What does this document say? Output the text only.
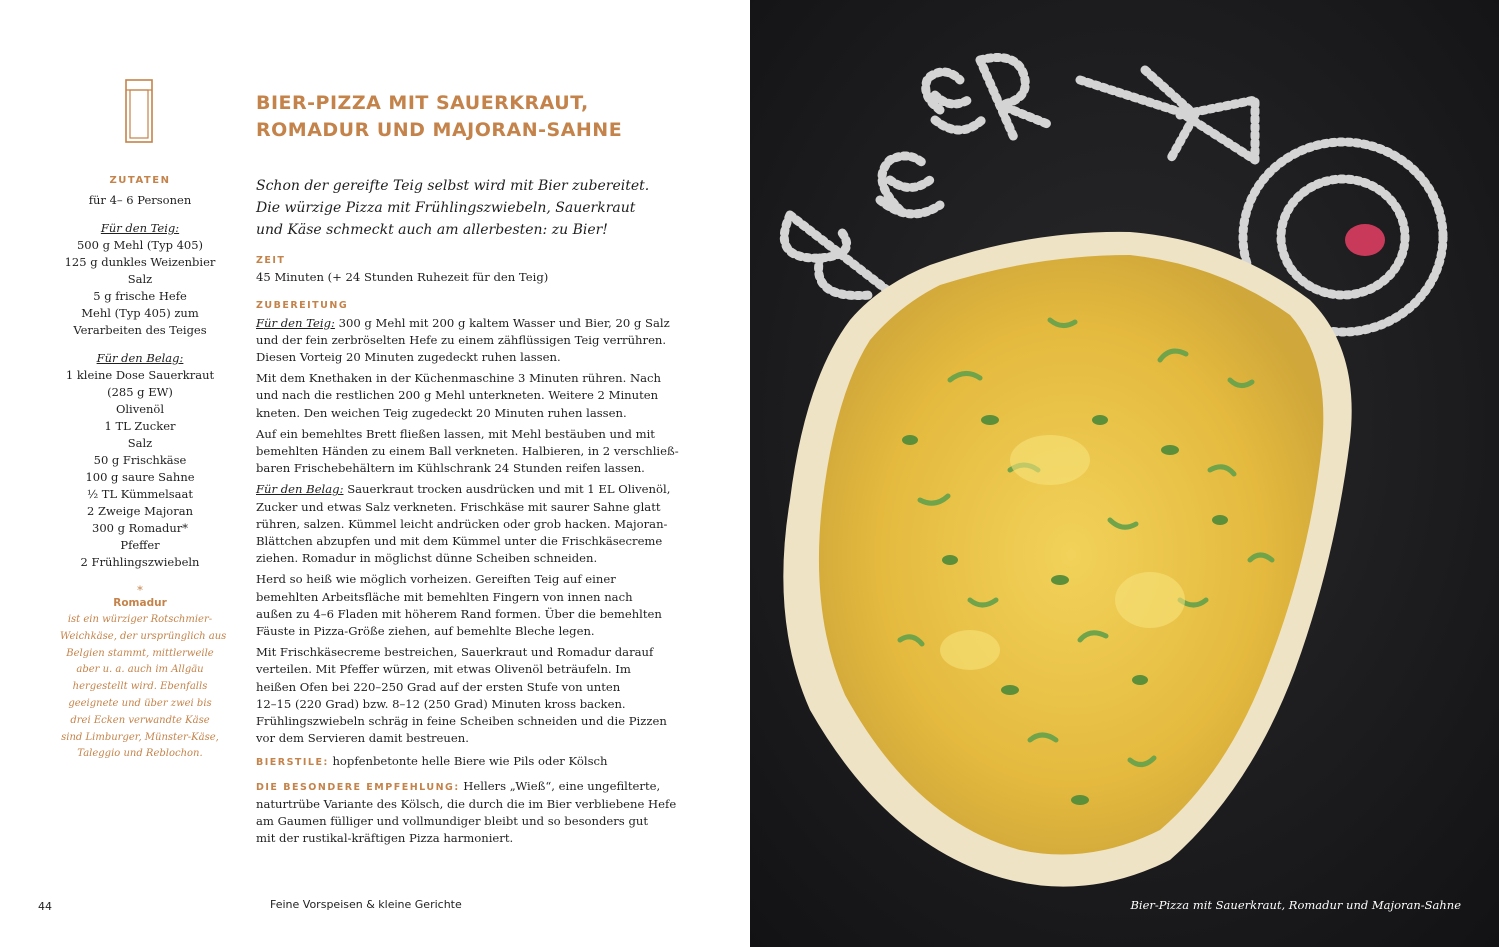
ZUTATEN
für 4– 6 Personen
Für den Teig:
500 g Mehl (Typ 405)
125 g dunkles Weizenbier
Salz
5 g frische Hefe
Mehl (Typ 405) zum
Verarbeiten des Teiges
Für den Belag:
1 kleine Dose Sauerkraut
(285 g EW)
Olivenöl
1 TL Zucker
Salz
50 g Frischkäse
100 g saure Sahne
½ TL Kümmelsaat
2 Zweige Majoran
300 g Romadur*
Pfeffer
2 Frühlingszwiebeln
*
Romadur
ist ein würziger Rotschmier-
Weichkäse, der ursprünglich aus
Belgien stammt, mittlerweile
aber u. a. auch im Allgäu
hergestellt wird. Ebenfalls
geeignete und über zwei bis
drei Ecken verwandte Käse
sind Limburger, Münster-Käse,
Taleggio und Reblochon.
BIER-PIZZA MIT SAUERKRAUT,
ROMADUR UND MAJORAN-SAHNE
Schon der gereifte Teig selbst wird mit Bier zubereitet.
Die würzige Pizza mit Frühlingszwiebeln, Sauerkraut
und Käse schmeckt auch am allerbesten: zu Bier!
ZEIT
45 Minuten (+ 24 Stunden Ruhezeit für den Teig)
ZUBEREITUNG

Für den Teig: 300 g Mehl mit 200 g kaltem Wasser und Bier, 20 g Salz
und der fein zerbröselten Hefe zu einem zähflüssigen Teig verrühren.
Diesen Vorteig 20 Minuten zugedeckt ruhen lassen.

Mit dem Knethaken in der Küchenmaschine 3 Minuten rühren. Nach
und nach die restlichen 200 g Mehl unterkneten. Weitere 2 Minuten
kneten. Den weichen Teig zugedeckt 20 Minuten ruhen lassen.

Auf ein bemehltes Brett fließen lassen, mit Mehl bestäuben und mit
bemehlten Händen zu einem Ball verkneten. Halbieren, in 2 verschließ-
baren Frischebehältern im Kühlschrank 24 Stunden reifen lassen.

Für den Belag: Sauerkraut trocken ausdrücken und mit 1 EL Olivenöl,
Zucker und etwas Salz verkneten. Frischkäse mit saurer Sahne glatt
rühren, salzen. Kümmel leicht andrücken oder grob hacken. Majoran-
Blättchen abzupfen und mit dem Kümmel unter die Frischkäsecreme
ziehen. Romadur in möglichst dünne Scheiben schneiden.

Herd so heiß wie möglich vorheizen. Gereiften Teig auf einer
bemehlten Arbeitsfläche mit bemehlten Fingern von innen nach
außen zu 4–6 Fladen mit höherem Rand formen. Über die bemehlten
Fäuste in Pizza-Größe ziehen, auf bemehlte Bleche legen.

Mit Frischkäsecreme bestreichen, Sauerkraut und Romadur darauf
verteilen. Mit Pfeffer würzen, mit etwas Olivenöl beträufeln. Im
heißen Ofen bei 220–250 Grad auf der ersten Stufe von unten
12–15 (220 Grad) bzw. 8–12 (250 Grad) Minuten kross backen.
Frühlingszwiebeln schräg in feine Scheiben schneiden und die Pizzen
vor dem Servieren damit bestreuen.

BIERSTILE: hopfenbetonte helle Biere wie Pils oder Kölsch
DIE BESONDERE EMPFEHLUNG: Hellers „Wieß“, eine ungefilterte,
naturtrübe Variante des Kölsch, die durch die im Bier verbliebene Hefe
am Gaumen fülliger und vollmundiger bleibt und so besonders gut
mit der rustikal-kräftigen Pizza harmoniert.
44	Feine Vorspeisen & kleine Gerichte	Bier-Pizza mit Sauerkraut, Romadur und Majoran-Sahne
